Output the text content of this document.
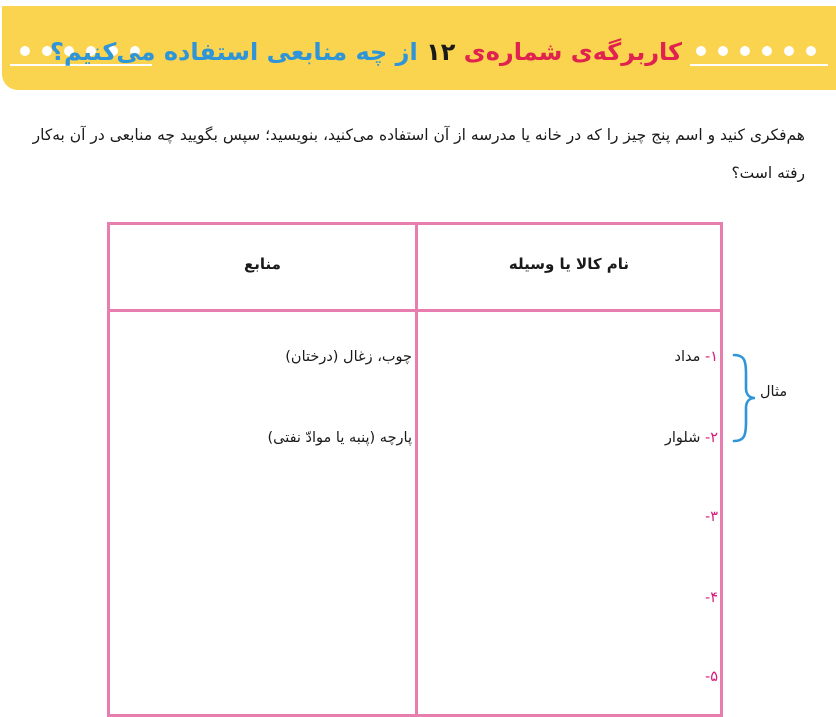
کاربرگه‌ی شماره‌ی ۱۲ از چه منابعی استفاده می‌کنیم؟
هم‌فکری کنید و اسم پنج چیز را که در خانه یا مدرسه از آن استفاده می‌کنید، بنویسید؛ سپس بگویید چه منابعی در آن به‌کار رفته است؟
نام کالا یا وسیله
منابع
۱- مداد
چوب، زغال (درختان)
۲- شلوار
پارچه (پنبه یا موادّ نفتی)
۳-
۴-
۵-
مثال
